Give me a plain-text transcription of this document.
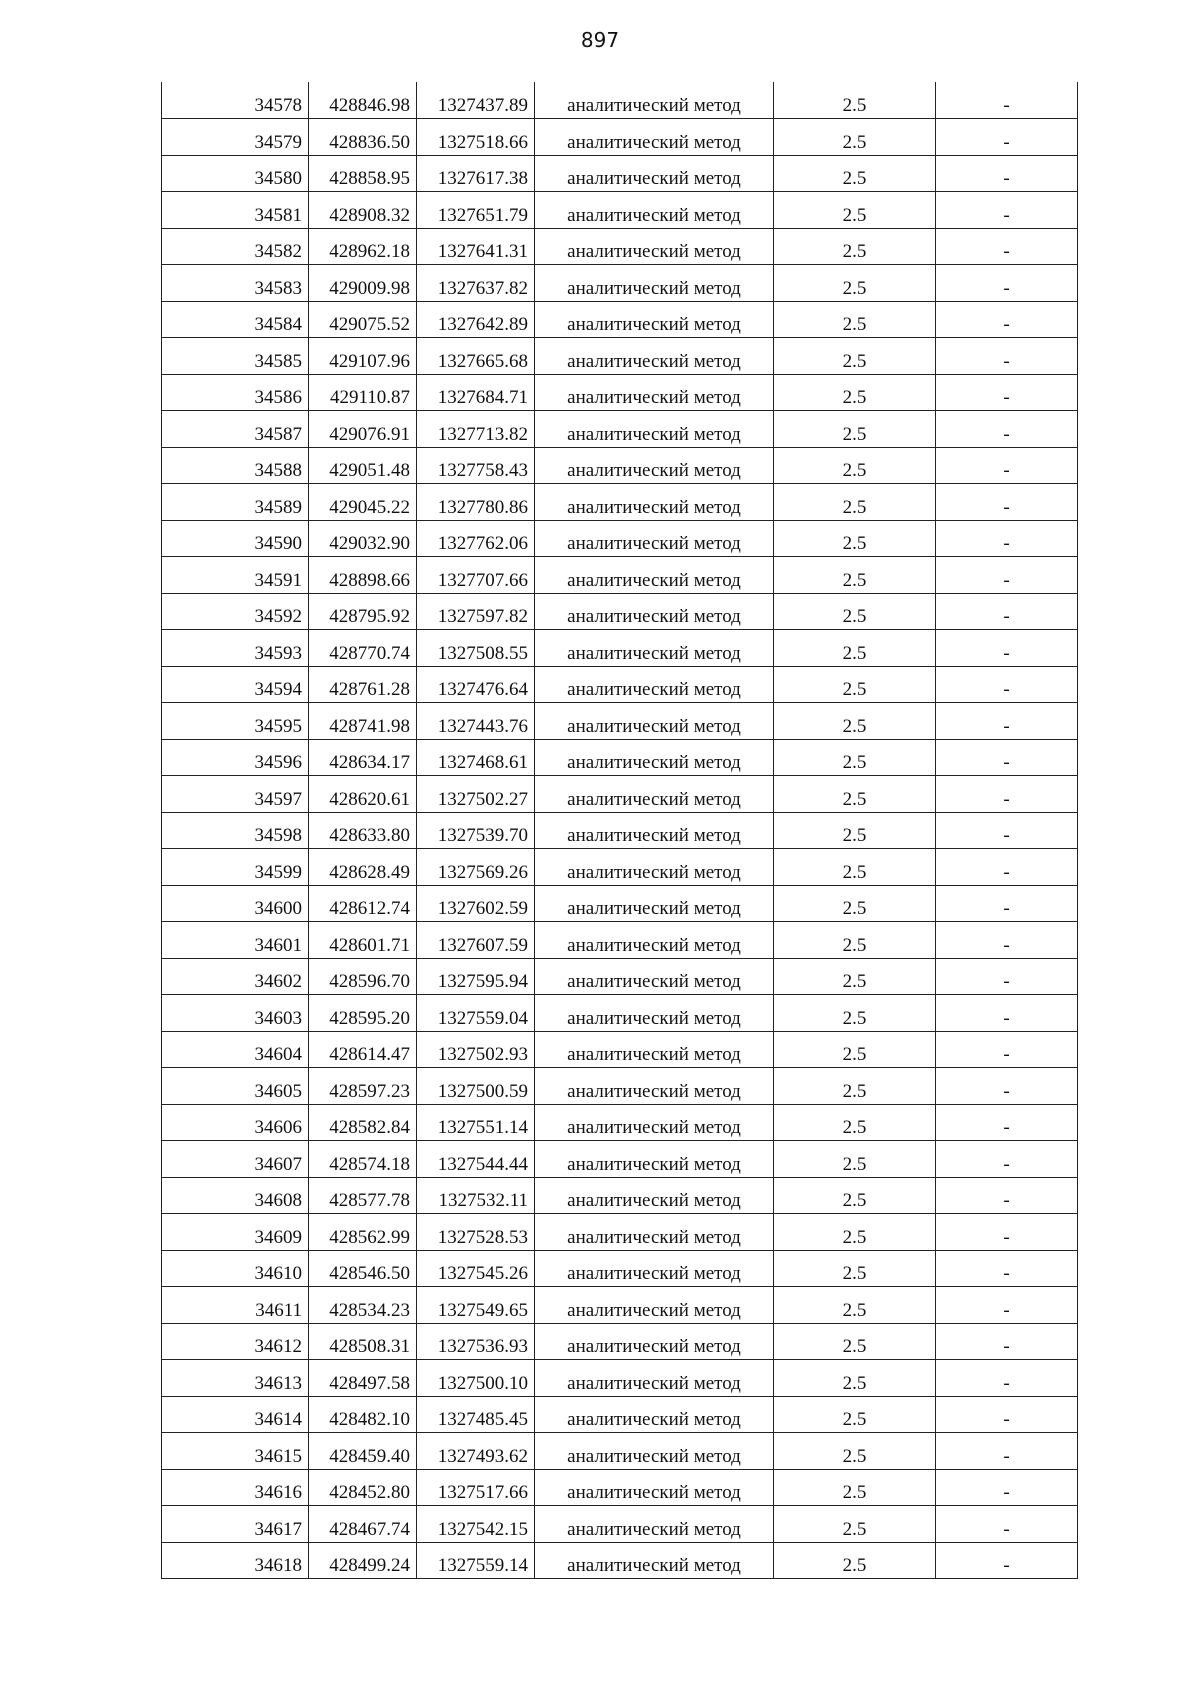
897
34578	428846.98	1327437.89	аналитический метод	2.5	-
34579	428836.50	1327518.66	аналитический метод	2.5	-
34580	428858.95	1327617.38	аналитический метод	2.5	-
34581	428908.32	1327651.79	аналитический метод	2.5	-
34582	428962.18	1327641.31	аналитический метод	2.5	-
34583	429009.98	1327637.82	аналитический метод	2.5	-
34584	429075.52	1327642.89	аналитический метод	2.5	-
34585	429107.96	1327665.68	аналитический метод	2.5	-
34586	429110.87	1327684.71	аналитический метод	2.5	-
34587	429076.91	1327713.82	аналитический метод	2.5	-
34588	429051.48	1327758.43	аналитический метод	2.5	-
34589	429045.22	1327780.86	аналитический метод	2.5	-
34590	429032.90	1327762.06	аналитический метод	2.5	-
34591	428898.66	1327707.66	аналитический метод	2.5	-
34592	428795.92	1327597.82	аналитический метод	2.5	-
34593	428770.74	1327508.55	аналитический метод	2.5	-
34594	428761.28	1327476.64	аналитический метод	2.5	-
34595	428741.98	1327443.76	аналитический метод	2.5	-
34596	428634.17	1327468.61	аналитический метод	2.5	-
34597	428620.61	1327502.27	аналитический метод	2.5	-
34598	428633.80	1327539.70	аналитический метод	2.5	-
34599	428628.49	1327569.26	аналитический метод	2.5	-
34600	428612.74	1327602.59	аналитический метод	2.5	-
34601	428601.71	1327607.59	аналитический метод	2.5	-
34602	428596.70	1327595.94	аналитический метод	2.5	-
34603	428595.20	1327559.04	аналитический метод	2.5	-
34604	428614.47	1327502.93	аналитический метод	2.5	-
34605	428597.23	1327500.59	аналитический метод	2.5	-
34606	428582.84	1327551.14	аналитический метод	2.5	-
34607	428574.18	1327544.44	аналитический метод	2.5	-
34608	428577.78	1327532.11	аналитический метод	2.5	-
34609	428562.99	1327528.53	аналитический метод	2.5	-
34610	428546.50	1327545.26	аналитический метод	2.5	-
34611	428534.23	1327549.65	аналитический метод	2.5	-
34612	428508.31	1327536.93	аналитический метод	2.5	-
34613	428497.58	1327500.10	аналитический метод	2.5	-
34614	428482.10	1327485.45	аналитический метод	2.5	-
34615	428459.40	1327493.62	аналитический метод	2.5	-
34616	428452.80	1327517.66	аналитический метод	2.5	-
34617	428467.74	1327542.15	аналитический метод	2.5	-
34618	428499.24	1327559.14	аналитический метод	2.5	-
